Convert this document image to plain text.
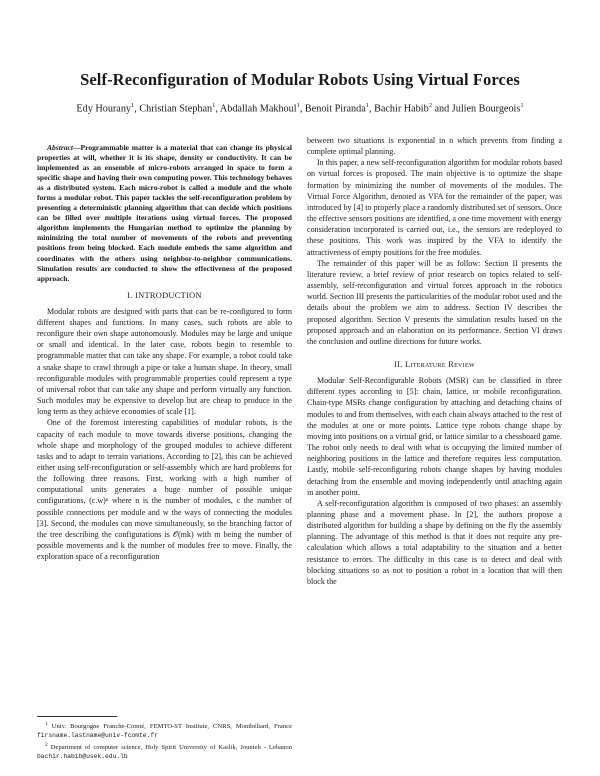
Self-Reconfiguration of Modular Robots Using Virtual Forces
Edy Hourany$^1$, Christian Stephan$^1$, Abdallah Makhoul$^1$, Benoit Piranda$^1$, Bachir Habib$^2$ and Julien Bourgeois$^1$

Abstract—Programmable matter is a material that can change its physical properties at will, whether it is its shape, density or conductivity. It can be implemented as an ensemble of micro-robots arranged in space to form a specific shape and having their own computing power. This technology behaves as a distributed system. Each micro-robot is called a module and the whole forms a modular robot. This paper tackles the self-reconfiguration problem by presenting a deterministic planning algorithm that can decide which positions can be filled over multiple iterations using virtual forces. The proposed algorithm implements the Hungarian method to optimize the planning by minimizing the total number of movements of the robots and preventing positions from being blocked. Each module embeds the same algorithm and coordinates with the others using neighbor-to-neighbor communications. Simulation results are conducted to show the effectiveness of the proposed approach.

I. INTRODUCTION

Modular robots are designed with parts that can be re-configured to form different shapes and functions. In many cases, such robots are able to reconfigure their own shape autonomously. Modules may be large and unique or small and identical. In the later case, robots begin to resemble to programmable matter that can take any shape. For example, a robot could take a snake shape to crawl through a pipe or take a human shape. In theory, small reconfigurable modules with programmable properties could represent a type of universal robot that can take any shape and perform virtually any function. Such modules may be expensive to develop but are cheap to produce in the long term as they achieve economies of scale [1].

One of the foremost interesting capabilities of modular robots, is the capacity of each module to move towards diverse positions, changing the whole shape and morphology of the grouped modules to achieve different tasks and to adapt to terrain variations. According to [2], this can be achieved either using self-reconfiguration or self-assembly which are hard problems for the following three reasons. First, working with a high number of computational units generates a huge number of possible unique configurations, (c.w)ⁿ where n is the number of modules, c the number of possible connections per module and w the ways of connecting the modules [3]. Second, the modules can move simultaneously, so the branching factor of the tree describing the configurations is 𝒪(mk) with m being the number of possible movements and k the number of modules free to move. Finally, the exploration space of a reconfiguration

between two situations is exponential in n which prevents from finding a complete optimal planning.

In this paper, a new self-reconfiguration algorithm for modular robots based on virtual forces is proposed. The main objective is to optimize the shape formation by minimizing the number of movements of the modules. The Virtual Force Algorithm, denoted as VFA for the remainder of the paper, was introduced by [4] to properly place a randomly distributed set of sensors. Once the effective sensors positions are identified, a one time movement with energy consideration incorporated is carried out, i.e., the sensors are redeployed to these positions. This work was inspired by the VFA to identify the attractiveness of empty positions for the free modules.

The remainder of this paper will be as follow: Section II presents the literature review, a brief review of prior research on topics related to self-assembly, self-reconfiguration and virtual forces approach in the robotics world. Section III presents the particularities of the modular robot used and the details about the problem we aim to address. Section IV describes the proposed algorithm. Section V presents the simulation results based on the proposed approach and an elaboration on its performance. Section VI draws the conclusion and outline directions for future works.

II. Literature Review

Modular Self-Reconfigurable Robots (MSR) can be classified in three different types according to [5]: chain, lattice, or mobile reconfiguration. Chain-type MSRs change configuration by attaching and detaching chains of modules to and from themselves, with each chain always attached to the rest of the modules at one or more points. Lattice type robots change shape by moving into positions on a virtual grid, or lattice similar to a chessboard game. The robot only needs to deal with what is occupying the limited number of neighboring positions in the lattice and therefore requires less computation. Lastly, mobile self-reconfiguring robots change shapes by having modules detaching from the ensemble and moving independently until attaching again in another point.

A self-reconfiguration algorithm is composed of two phases: an assembly planning phase and a movement phase. In [2], the authors propose a distributed algorithm for building a shape by defining on the fly the assembly planning. The advantage of this method is that it does not require any pre-calculation which allows a total adaptability to the situation and a better resistance to errors. The difficulty in this case is to detect and deal with blocking situations so as not to position a robot in a location that will then block the

$^1$ Univ. Bourgogne Franche-Comté, FEMTO-ST Institute, CNRS, Montbéliard, France firsname.lastname@univ-fcomte.fr

$^2$ Department of computer science, Holy Spirit University of Kaslik, Jounieh - Lebanon bachir.habib@usek.edu.lb
